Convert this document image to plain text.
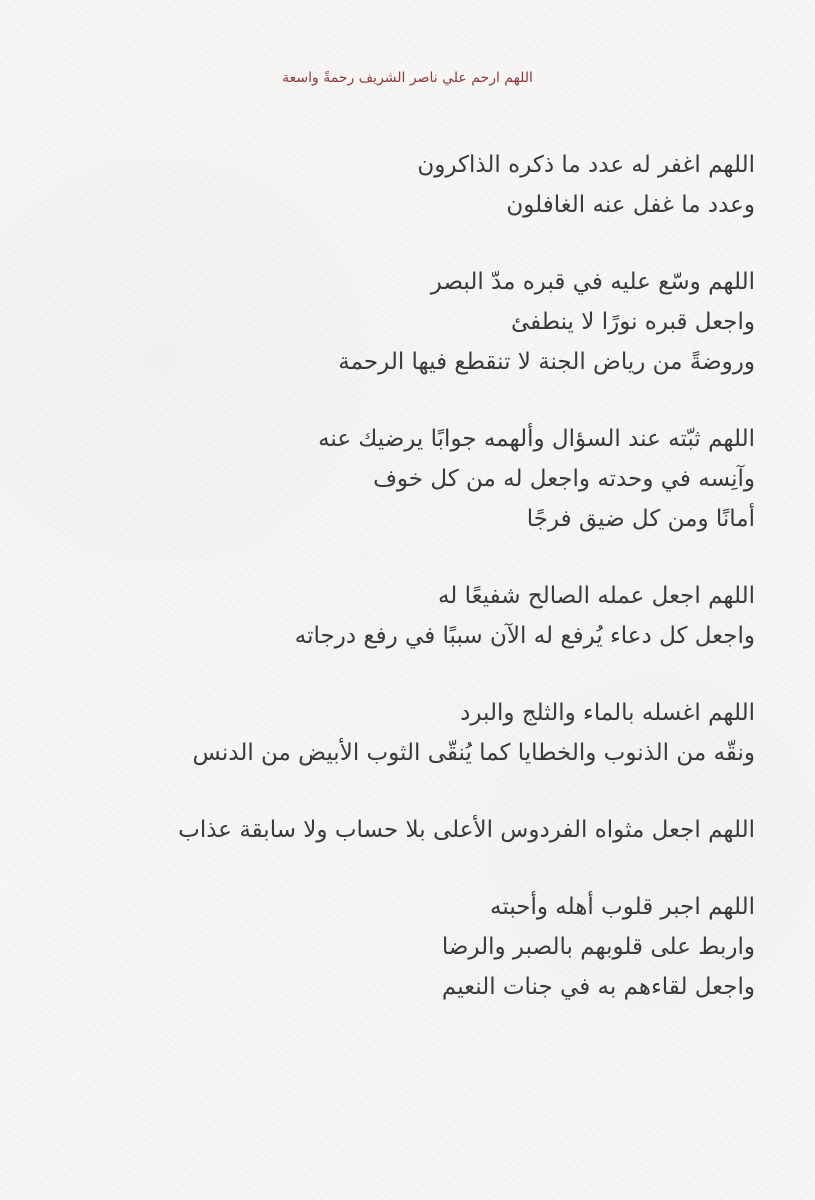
اللهم ارحم علي ناصر الشريف رحمةً واسعة
اللهم اغفر له عدد ما ذكره الذاكرون
وعدد ما غفل عنه الغافلون
اللهم وسّع عليه في قبره مدّ البصر
واجعل قبره نورًا لا ينطفئ
وروضةً من رياض الجنة لا تنقطع فيها الرحمة
اللهم ثبّته عند السؤال وألهمه جوابًا يرضيك عنه
وآنِسه في وحدته واجعل له من كل خوف
أمانًا ومن كل ضيق فرجًا
اللهم اجعل عمله الصالح شفيعًا له
واجعل كل دعاء يُرفع له الآن سببًا في رفع درجاته
اللهم اغسله بالماء والثلج والبرد
ونقّه من الذنوب والخطايا كما يُنقّى الثوب الأبيض من الدنس
اللهم اجعل مثواه الفردوس الأعلى بلا حساب ولا سابقة عذاب
اللهم اجبر قلوب أهله وأحبته
واربط على قلوبهم بالصبر والرضا
واجعل لقاءهم به في جنات النعيم
